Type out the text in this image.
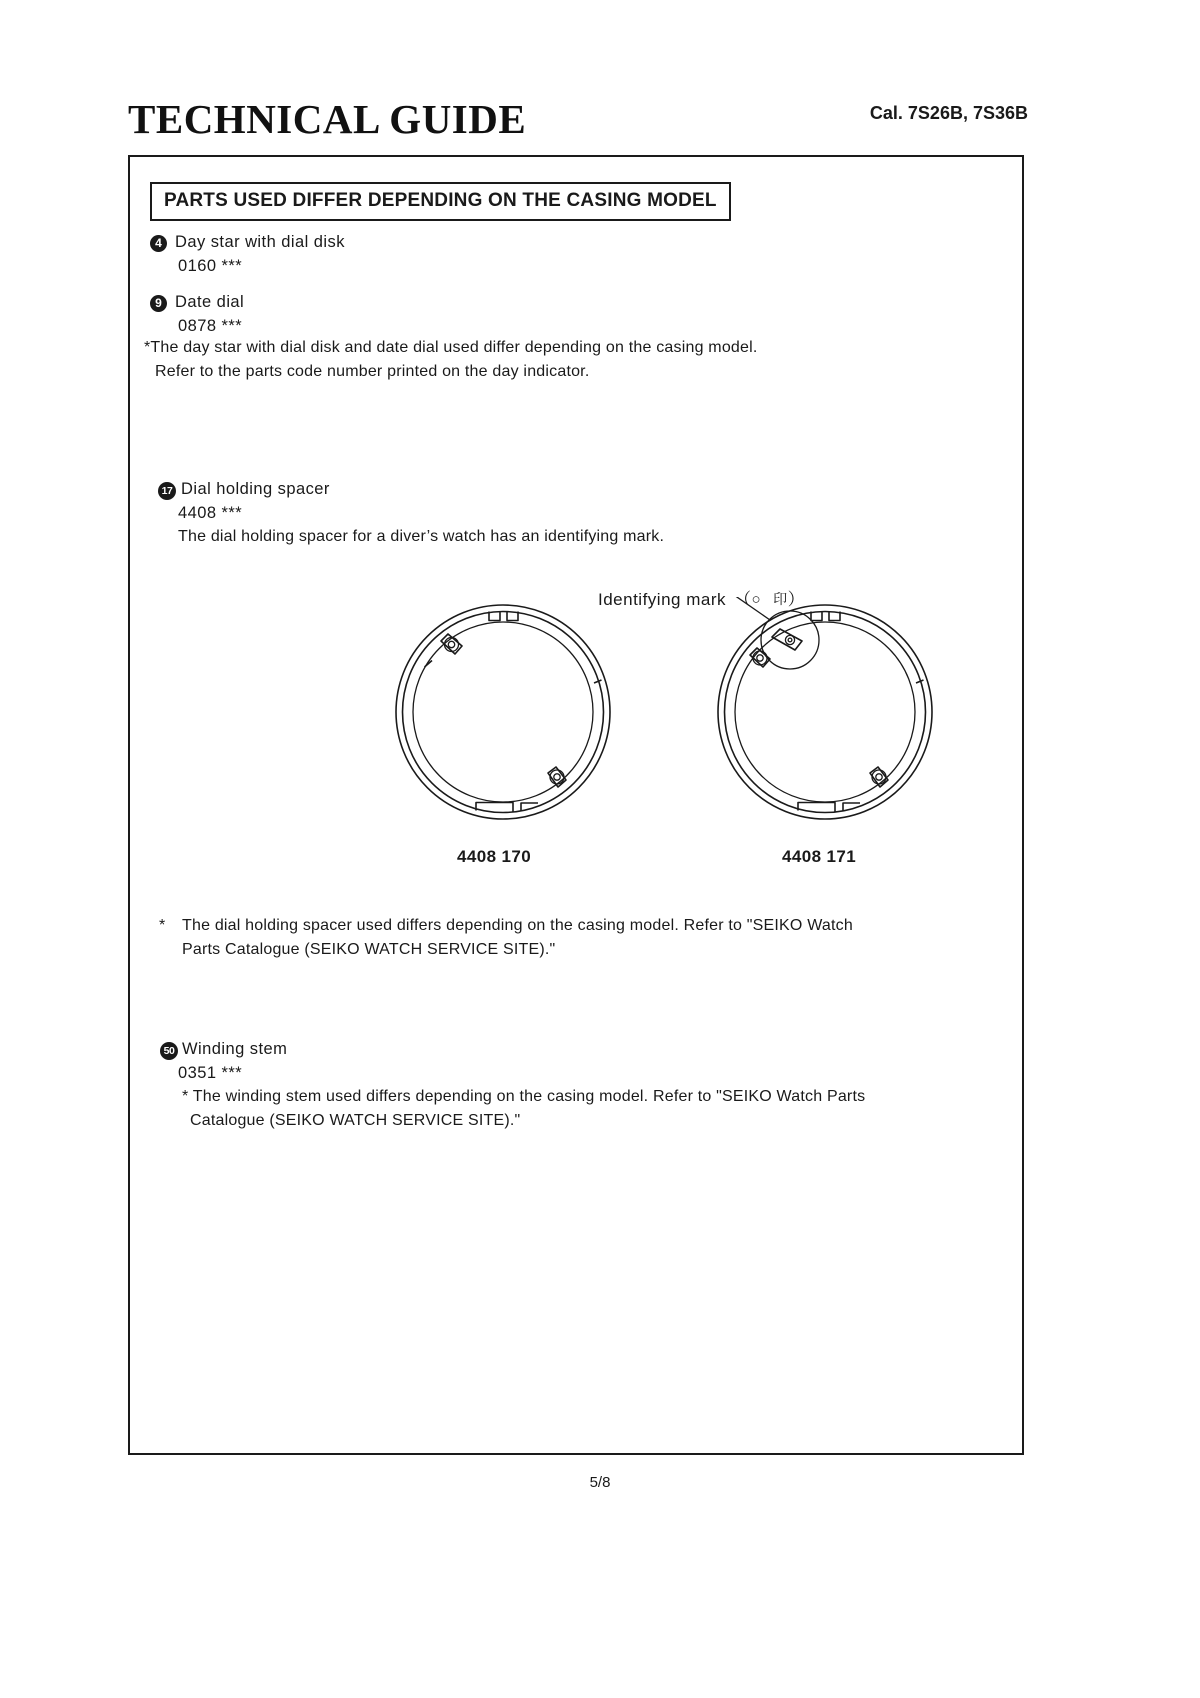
TECHNICAL GUIDE	Cal. 7S26B, 7S36B
PARTS USED DIFFER DEPENDING ON THE CASING MODEL
4 Day star with dial disk
0160 ***
9 Date dial
0878 ***
*The day star with dial disk and date dial used differ depending on the casing model.
Refer to the parts code number printed on the day indicator.
17 Dial holding spacer
4408 ***
The dial holding spacer for a diver’s watch has an identifying mark.
Identifying mark （○ 印）
4408 170	4408 171
* The dial holding spacer used differs depending on the casing model. Refer to "SEIKO Watch
Parts Catalogue (SEIKO WATCH SERVICE SITE)."
50 Winding stem
0351 ***
* The winding stem used differs depending on the casing model. Refer to "SEIKO Watch Parts
Catalogue (SEIKO WATCH SERVICE SITE)."
5/8
